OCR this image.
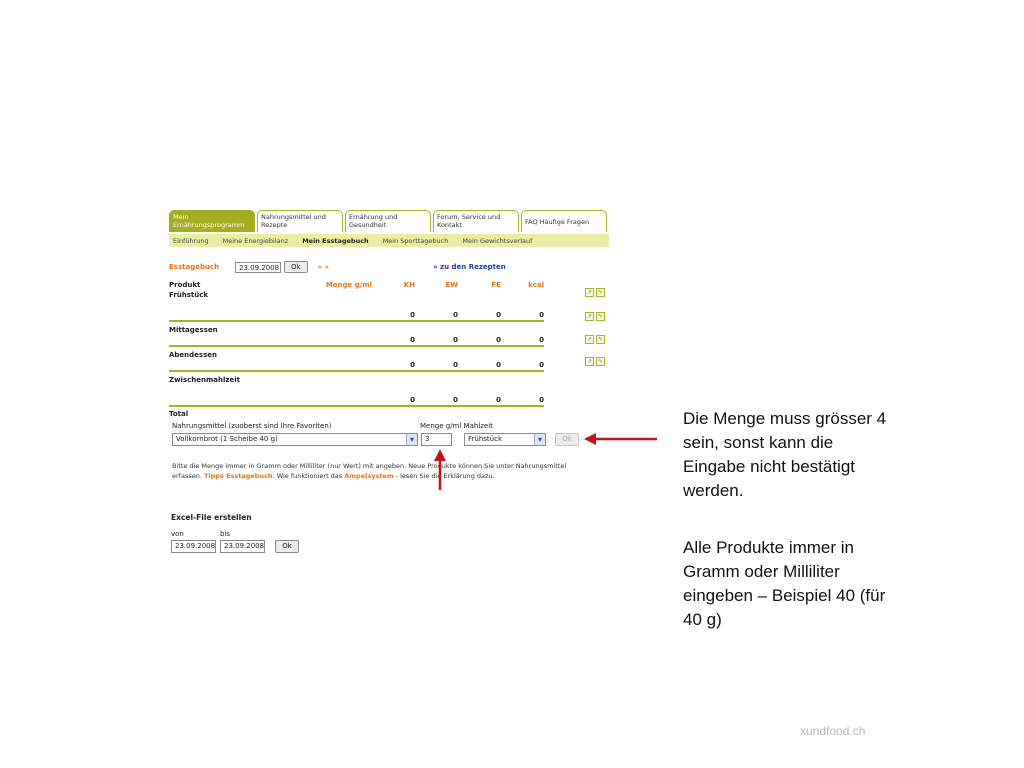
Mein Ernährungsprogramm
Nahrungsmittel und Rezepte
Ernährung und Gesundheit
Forum, Service und Kontakt	FAQ Häufige Fragen
Einführung Meine Energiebilanz Mein Esstagebuch Mein Sporttagebuch Mein Gewichtsverlauf
Esstagebuch	23.09.2008	Ok	« »	» zu den Rezepten
Produkt	Menge g/ml	KH	EW	FE	kcal
Frühstück					

		0	0	0	0
Mittagessen					
		0	0	0	0
Abendessen					
		0	0	0	0
Zwischenmahlzeit					

		0	0	0	0
Total					
↗ ✎
↗ ✎
↗ ✎
↗ ✎
Nahrungsmittel (zuoberst sind Ihre Favoriten)	Menge g/ml Mahlzeit
Vollkornbrot (1 Scheibe 40 g) ▾	3	Frühstück ▾	Ok
Bitte die Menge immer in Gramm oder Milliliter (nur Wert) mit angeben. Neue Produkte können Sie unter Nahrungsmittel
erfassen. Tipps Esstagebuch. Wie funktioniert das Ampelsystem - lesen Sie die Erklärung dazu.
Excel-File erstellen
von	bis
23.09.2008	23.09.2008	Ok
Die Menge muss grösser 4 sein, sonst kann die Eingabe nicht bestätigt werden.
Alle Produkte immer in Gramm oder Milliliter eingeben – Beispiel 40 (für 40 g)
xundfood.ch
